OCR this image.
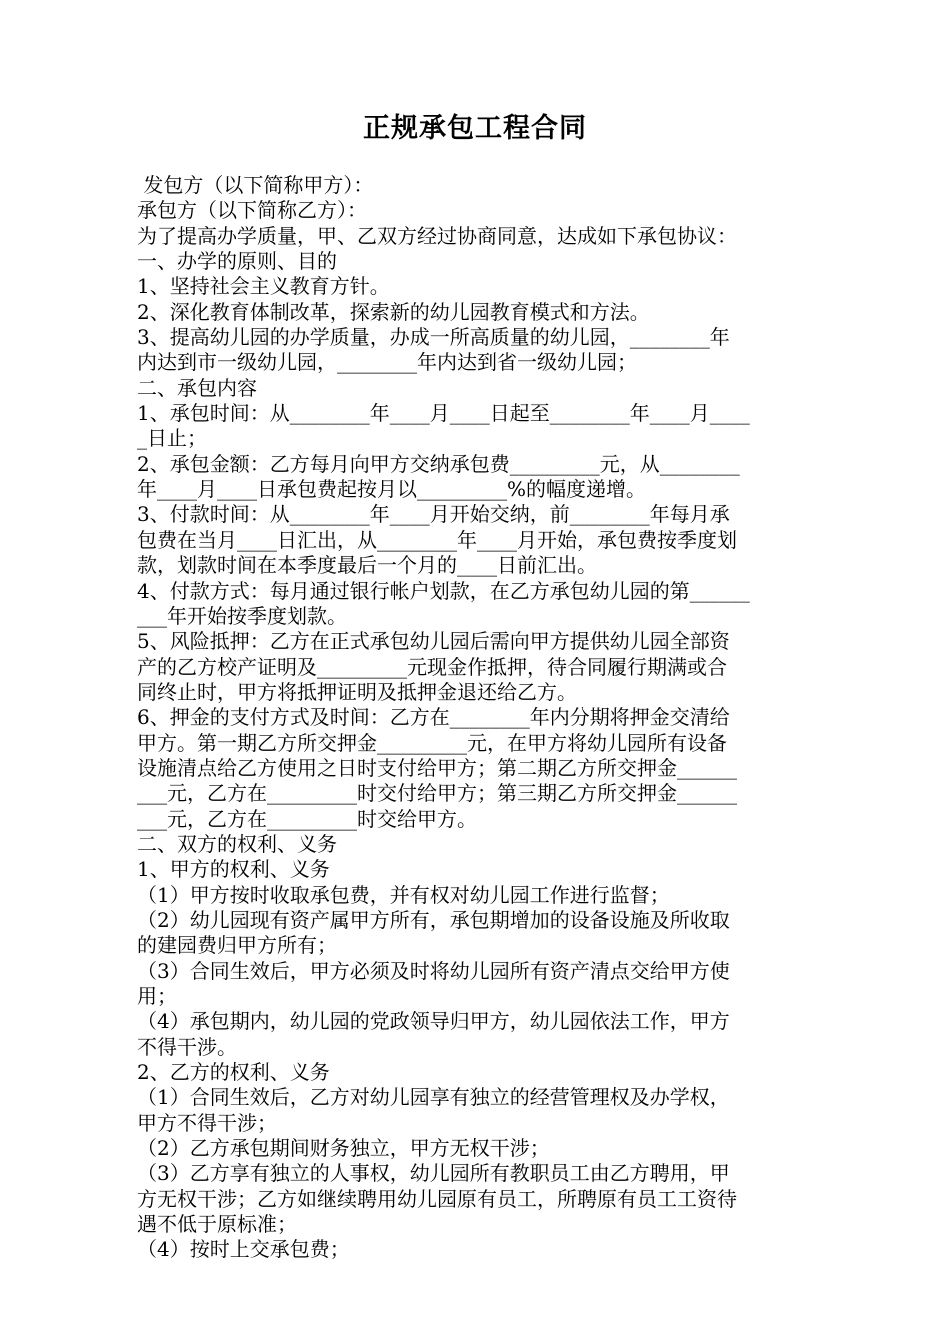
正规承包工程合同
发包方（以下简称甲方）：
承包方（以下简称乙方）：
为了提高办学质量，甲、乙双方经过协商同意，达成如下承包协议：
一、办学的原则、目的
1、坚持社会主义教育方针。
2、深化教育体制改革，探索新的幼儿园教育模式和方法。
3、提高幼儿园的办学质量，办成一所高质量的幼儿园，________年
内达到市一级幼儿园，________年内达到省一级幼儿园；
二、承包内容
1、承包时间：从________年____月____日起至________年____月____
_日止；
2、承包金额：乙方每月向甲方交纳承包费_________元，从________
年____月____日承包费起按月以_________%的幅度递增。
3、付款时间：从________年____月开始交纳，前________年每月承
包费在当月____日汇出，从________年____月开始，承包费按季度划
款，划款时间在本季度最后一个月的____日前汇出。
4、付款方式：每月通过银行帐户划款，在乙方承包幼儿园的第______
___年开始按季度划款。
5、风险抵押：乙方在正式承包幼儿园后需向甲方提供幼儿园全部资
产的乙方校产证明及_________元现金作抵押，待合同履行期满或合
同终止时，甲方将抵押证明及抵押金退还给乙方。
6、押金的支付方式及时间：乙方在________年内分期将押金交清给
甲方。第一期乙方所交押金_________元，在甲方将幼儿园所有设备
设施清点给乙方使用之日时支付给甲方；第二期乙方所交押金______
___元，乙方在_________时交付给甲方；第三期乙方所交押金______
___元，乙方在_________时交给甲方。
二、双方的权利、义务
1、甲方的权利、义务
（1）甲方按时收取承包费，并有权对幼儿园工作进行监督；
（2）幼儿园现有资产属甲方所有，承包期增加的设备设施及所收取
的建园费归甲方所有；
（3）合同生效后，甲方必须及时将幼儿园所有资产清点交给甲方使
用；
（4）承包期内，幼儿园的党政领导归甲方，幼儿园依法工作，甲方
不得干涉。
2、乙方的权利、义务
（1）合同生效后，乙方对幼儿园享有独立的经营管理权及办学权，
甲方不得干涉；
（2）乙方承包期间财务独立，甲方无权干涉；
（3）乙方享有独立的人事权，幼儿园所有教职员工由乙方聘用，甲
方无权干涉；乙方如继续聘用幼儿园原有员工，所聘原有员工工资待
遇不低于原标准；
（4）按时上交承包费；
